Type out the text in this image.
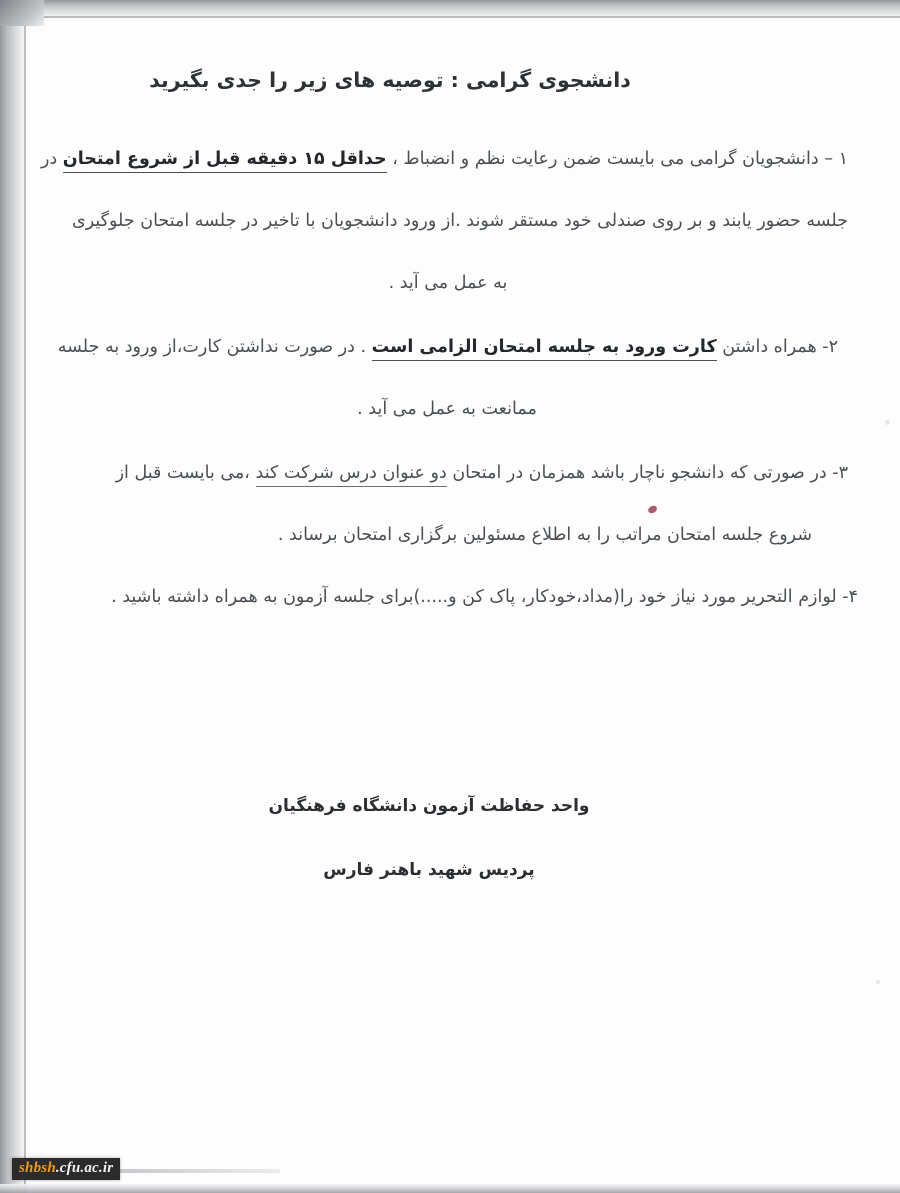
دانشجوی گرامی : توصیه های زیر را جدی بگیرید
۱ – دانشجویان گرامی می بایست ضمن رعایت نظم و انضباط ، حداقل ۱۵ دقیقه قبل از شروع امتحان در
جلسه حضور یابند و بر روی صندلی خود مستقر شوند .از ورود دانشجویان با تاخیر در جلسه امتحان جلوگیری
به عمل می آید .
۲- همراه داشتن کارت ورود به جلسه امتحان الزامی است . در صورت نداشتن کارت،از ورود به جلسه
ممانعت به عمل می آید .
۳- در صورتی که دانشجو ناچار باشد همزمان در امتحان دو عنوان درس شرکت کند ،می بایست قبل از
شروع جلسه امتحان مراتب را به اطلاع مسئولین برگزاری امتحان برساند .
۴- لوازم التحریر مورد نیاز خود را(مداد،خودکار، پاک کن و.....)برای جلسه آزمون به همراه داشته باشید .
واحد حفاظت آزمون دانشگاه فرهنگیان
پردیس شهید باهنر فارس
shbsh.cfu.ac.ir
